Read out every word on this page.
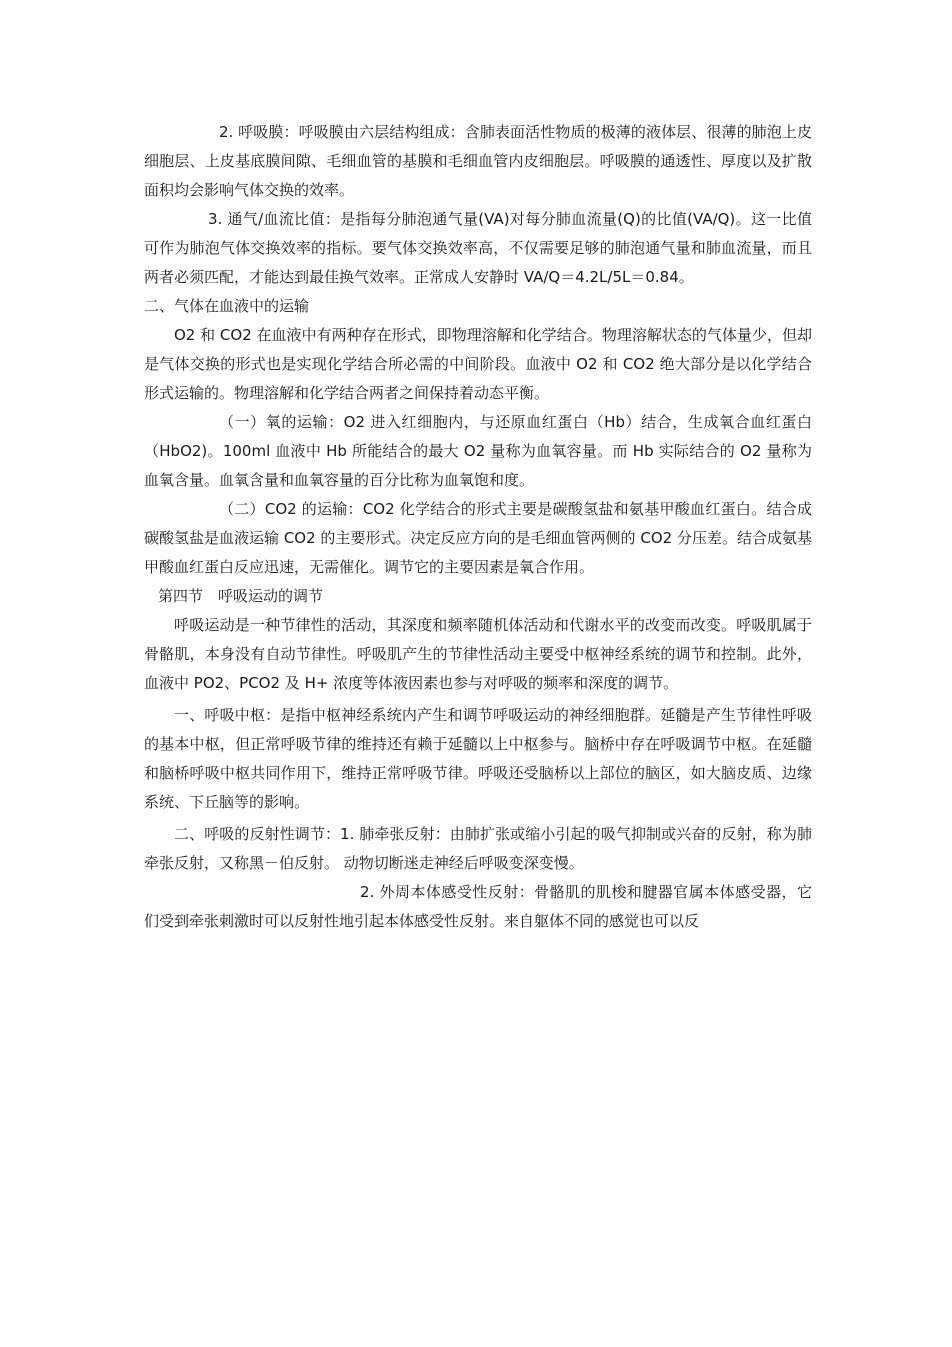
2. 呼吸膜：呼吸膜由六层结构组成：含肺表面活性物质的极薄的液体层、很薄的肺泡上皮细胞层、上皮基底膜间隙、毛细血管的基膜和毛细血管内皮细胞层。呼吸膜的通透性、厚度以及扩散面积均会影响气体交换的效率。

3. 通气/血流比值：是指每分肺泡通气量(VA)对每分肺血流量(Q)的比值(VA/Q)。这一比值可作为肺泡气体交换效率的指标。要气体交换效率高，不仅需要足够的肺泡通气量和肺血流量，而且两者必须匹配，才能达到最佳换气效率。正常成人安静时 VA/Q＝4.2L/5L＝0.84。

二、气体在血液中的运输

O2 和 CO2 在血液中有两种存在形式，即物理溶解和化学结合。物理溶解状态的气体量少，但却是气体交换的形式也是实现化学结合所必需的中间阶段。血液中 O2 和 CO2 绝大部分是以化学结合形式运输的。物理溶解和化学结合两者之间保持着动态平衡。

（一）氧的运输：O2 进入红细胞内，与还原血红蛋白（Hb）结合，生成氧合血红蛋白（HbO2)。100ml 血液中 Hb 所能结合的最大 O2 量称为血氧容量。而 Hb 实际结合的 O2 量称为血氧含量。血氧含量和血氧容量的百分比称为血氧饱和度。

（二）CO2 的运输：CO2 化学结合的形式主要是碳酸氢盐和氨基甲酸血红蛋白。结合成碳酸氢盐是血液运输 CO2 的主要形式。决定反应方向的是毛细血管两侧的 CO2 分压差。结合成氨基甲酸血红蛋白反应迅速，无需催化。调节它的主要因素是氧合作用。

第四节　呼吸运动的调节

呼吸运动是一种节律性的活动，其深度和频率随机体活动和代谢水平的改变而改变。呼吸肌属于骨骼肌，本身没有自动节律性。呼吸肌产生的节律性活动主要受中枢神经系统的调节和控制。此外，血液中 PO2、PCO2 及 H+ 浓度等体液因素也参与对呼吸的频率和深度的调节。

一、呼吸中枢：是指中枢神经系统内产生和调节呼吸运动的神经细胞群。延髓是产生节律性呼吸的基本中枢，但正常呼吸节律的维持还有赖于延髓以上中枢参与。脑桥中存在呼吸调节中枢。在延髓和脑桥呼吸中枢共同作用下，维持正常呼吸节律。呼吸还受脑桥以上部位的脑区，如大脑皮质、边缘系统、下丘脑等的影响。

二、呼吸的反射性调节：1. 肺牵张反射：由肺扩张或缩小引起的吸气抑制或兴奋的反射，称为肺牵张反射，又称黑－伯反射。 动物切断迷走神经后呼吸变深变慢。

2. 外周本体感受性反射：骨骼肌的肌梭和腱器官属本体感受器，它们受到牵张刺激时可以反射性地引起本体感受性反射。来自躯体不同的感觉也可以反
